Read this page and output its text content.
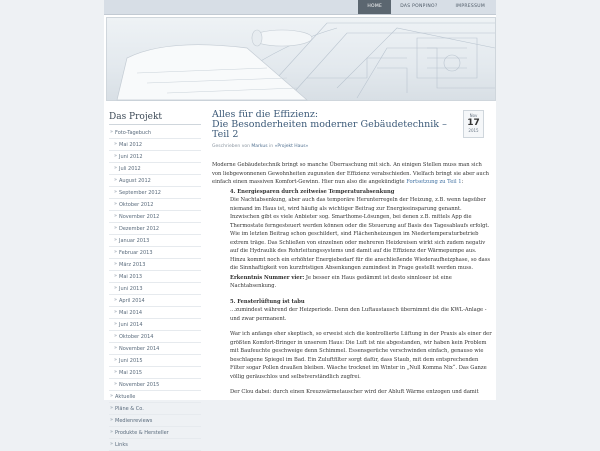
HOME	DAS PONPINO?	IMPRESSUM
Das Projekt
» Foto-Tagebuch
» Mai 2012
» Juni 2012
» Juli 2012
» August 2012
» September 2012
» Oktober 2012
» November 2012
» Dezember 2012
» Januar 2013
» Februar 2013
» März 2013
» Mai 2013
» Juni 2013
» April 2014
» Mai 2014
» Juni 2014
» Oktober 2014
» November 2014
» Juni 2015
» Mai 2015
» November 2015
» Aktuelle
» Pläne & Co.
» Medienreviews
» Produkte & Hersteller
» Links
Nov
17
2015
Alles für die Effizienz:
Die Besonderheiten moderner Gebäudetechnik – Teil 2
Geschrieben von Markus in »Projekt Haus«

Moderne Gebäudetechnik bringt so manche Überraschung mit sich. An einigen Stellen muss man sich von liebgewonnenen Gewohnheiten zugunsten der Effizienz verabschieden. Vielfach bringt sie aber auch einfach einen massiven Komfort-Gewinn. Hier nun also die angekündigte Fortsetzung zu Teil 1:

4. Energiesparen durch zeitweise Temperaturabsenkung

Die Nachtabsenkung, aber auch das temporäre Herunterregeln der Heizung, z.B. wenn tagsüber niemand im Haus ist, wird häufig als wichtiger Beitrag zur Energieeinsparung genannt. Inzwischen gibt es viele Anbieter sog. Smarthome-Lösungen, bei denen z.B. mittels App die Thermostate ferngesteuert werden können oder die Steuerung auf Basis des Tagesablaufs erfolgt. Wie im letzten Beitrag schon geschildert, sind Flächenheizungen im Niedertemperaturbetrieb extrem träge. Das Schließen von einzelnen oder mehreren Heizkreisen wirkt sich zudem negativ auf die Hydraulik des Rohrleitungssystems und damit auf die Effizienz der Wärmepumpe aus. Hinzu kommt noch ein erhöhter Energiebedarf für die anschließende Wiederaufheizphase, so dass die Sinnhaftigkeit von kurzfristigen Absenkungen zumindest in Frage gestellt werden muss.

Erkenntnis Nummer vier: Je besser ein Haus gedämmt ist desto sinnloser ist eine Nachtabsenkung.

5. Fensterlüftung ist tabu

…zumindest während der Heizperiode. Denn den Luftaustausch übernimmt die die KWL-Anlage - und zwar permanent.

War ich anfangs eher skeptisch, so erweist sich die kontrollierte Lüftung in der Praxis als einer der größten Komfort-Bringer in unserem Haus: Die Luft ist nie abgestanden, wir haben kein Problem mit Baufeuchte geschweige denn Schimmel. Essensgerüche verschwinden einfach, genauso wie beschlagene Spiegel im Bad. Ein Zuluftfilter sorgt dafür, dass Staub, mit dem entsprechenden Filter sogar Pollen draußen bleiben. Wäsche trocknet im Winter in „Null Komma Nix“. Das Ganze völlig geräuschlos und selbstverständlich zugfrei.

Der Clou dabei: durch einen Kreuzwärmetauscher wird der Abluft Wärme entzogen und damit
